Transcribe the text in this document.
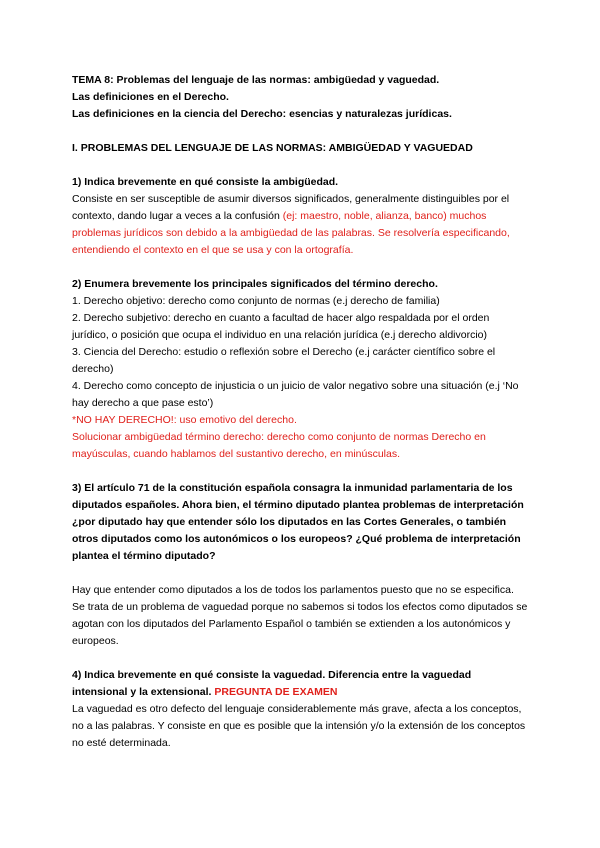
TEMA 8: Problemas del lenguaje de las normas: ambigüedad y vaguedad.

Las definiciones en el Derecho.

Las definiciones en la ciencia del Derecho: esencias y naturalezas jurídicas.

I. PROBLEMAS DEL LENGUAJE DE LAS NORMAS: AMBIGÜEDAD Y VAGUEDAD

1) Indica brevemente en qué consiste la ambigüedad.

Consiste en ser susceptible de asumir diversos significados, generalmente distinguibles por el contexto, dando lugar a veces a la confusión (ej: maestro, noble, alianza, banco) muchos problemas jurídicos son debido a la ambigüedad de las palabras. Se resolvería especificando, entendiendo el contexto en el que se usa y con la ortografía.

2) Enumera brevemente los principales significados del término derecho.

1. Derecho objetivo: derecho como conjunto de normas (e.j derecho de familia)

2. Derecho subjetivo: derecho en cuanto a facultad de hacer algo respaldada por el orden jurídico, o posición que ocupa el individuo en una relación jurídica (e.j derecho aldivorcio)

3. Ciencia del Derecho: estudio o reflexión sobre el Derecho (e.j carácter científico sobre el derecho)

4. Derecho como concepto de injusticia o un juicio de valor negativo sobre una situación (e.j ‘No hay derecho a que pase esto’)

*NO HAY DERECHO!: uso emotivo del derecho.

Solucionar ambigüedad término derecho: derecho como conjunto de normas Derecho en mayúsculas, cuando hablamos del sustantivo derecho, en minúsculas.

3) El artículo 71 de la constitución española consagra la inmunidad parlamentaria de los diputados españoles. Ahora bien, el término diputado plantea problemas de interpretación ¿por diputado hay que entender sólo los diputados en las Cortes Generales, o también otros diputados como los autonómicos o los europeos? ¿Qué problema de interpretación plantea el término diputado?

Hay que entender como diputados a los de todos los parlamentos puesto que no se especifica. Se trata de un problema de vaguedad porque no sabemos si todos los efectos como diputados se agotan con los diputados del Parlamento Español o también se extienden a los autonómicos y europeos.

4) Indica brevemente en qué consiste la vaguedad. Diferencia entre la vaguedad intensional y la extensional. PREGUNTA DE EXAMEN

La vaguedad es otro defecto del lenguaje considerablemente más grave, afecta a los conceptos, no a las palabras. Y consiste en que es posible que la intensión y/o la extensión de los conceptos no esté determinada.
